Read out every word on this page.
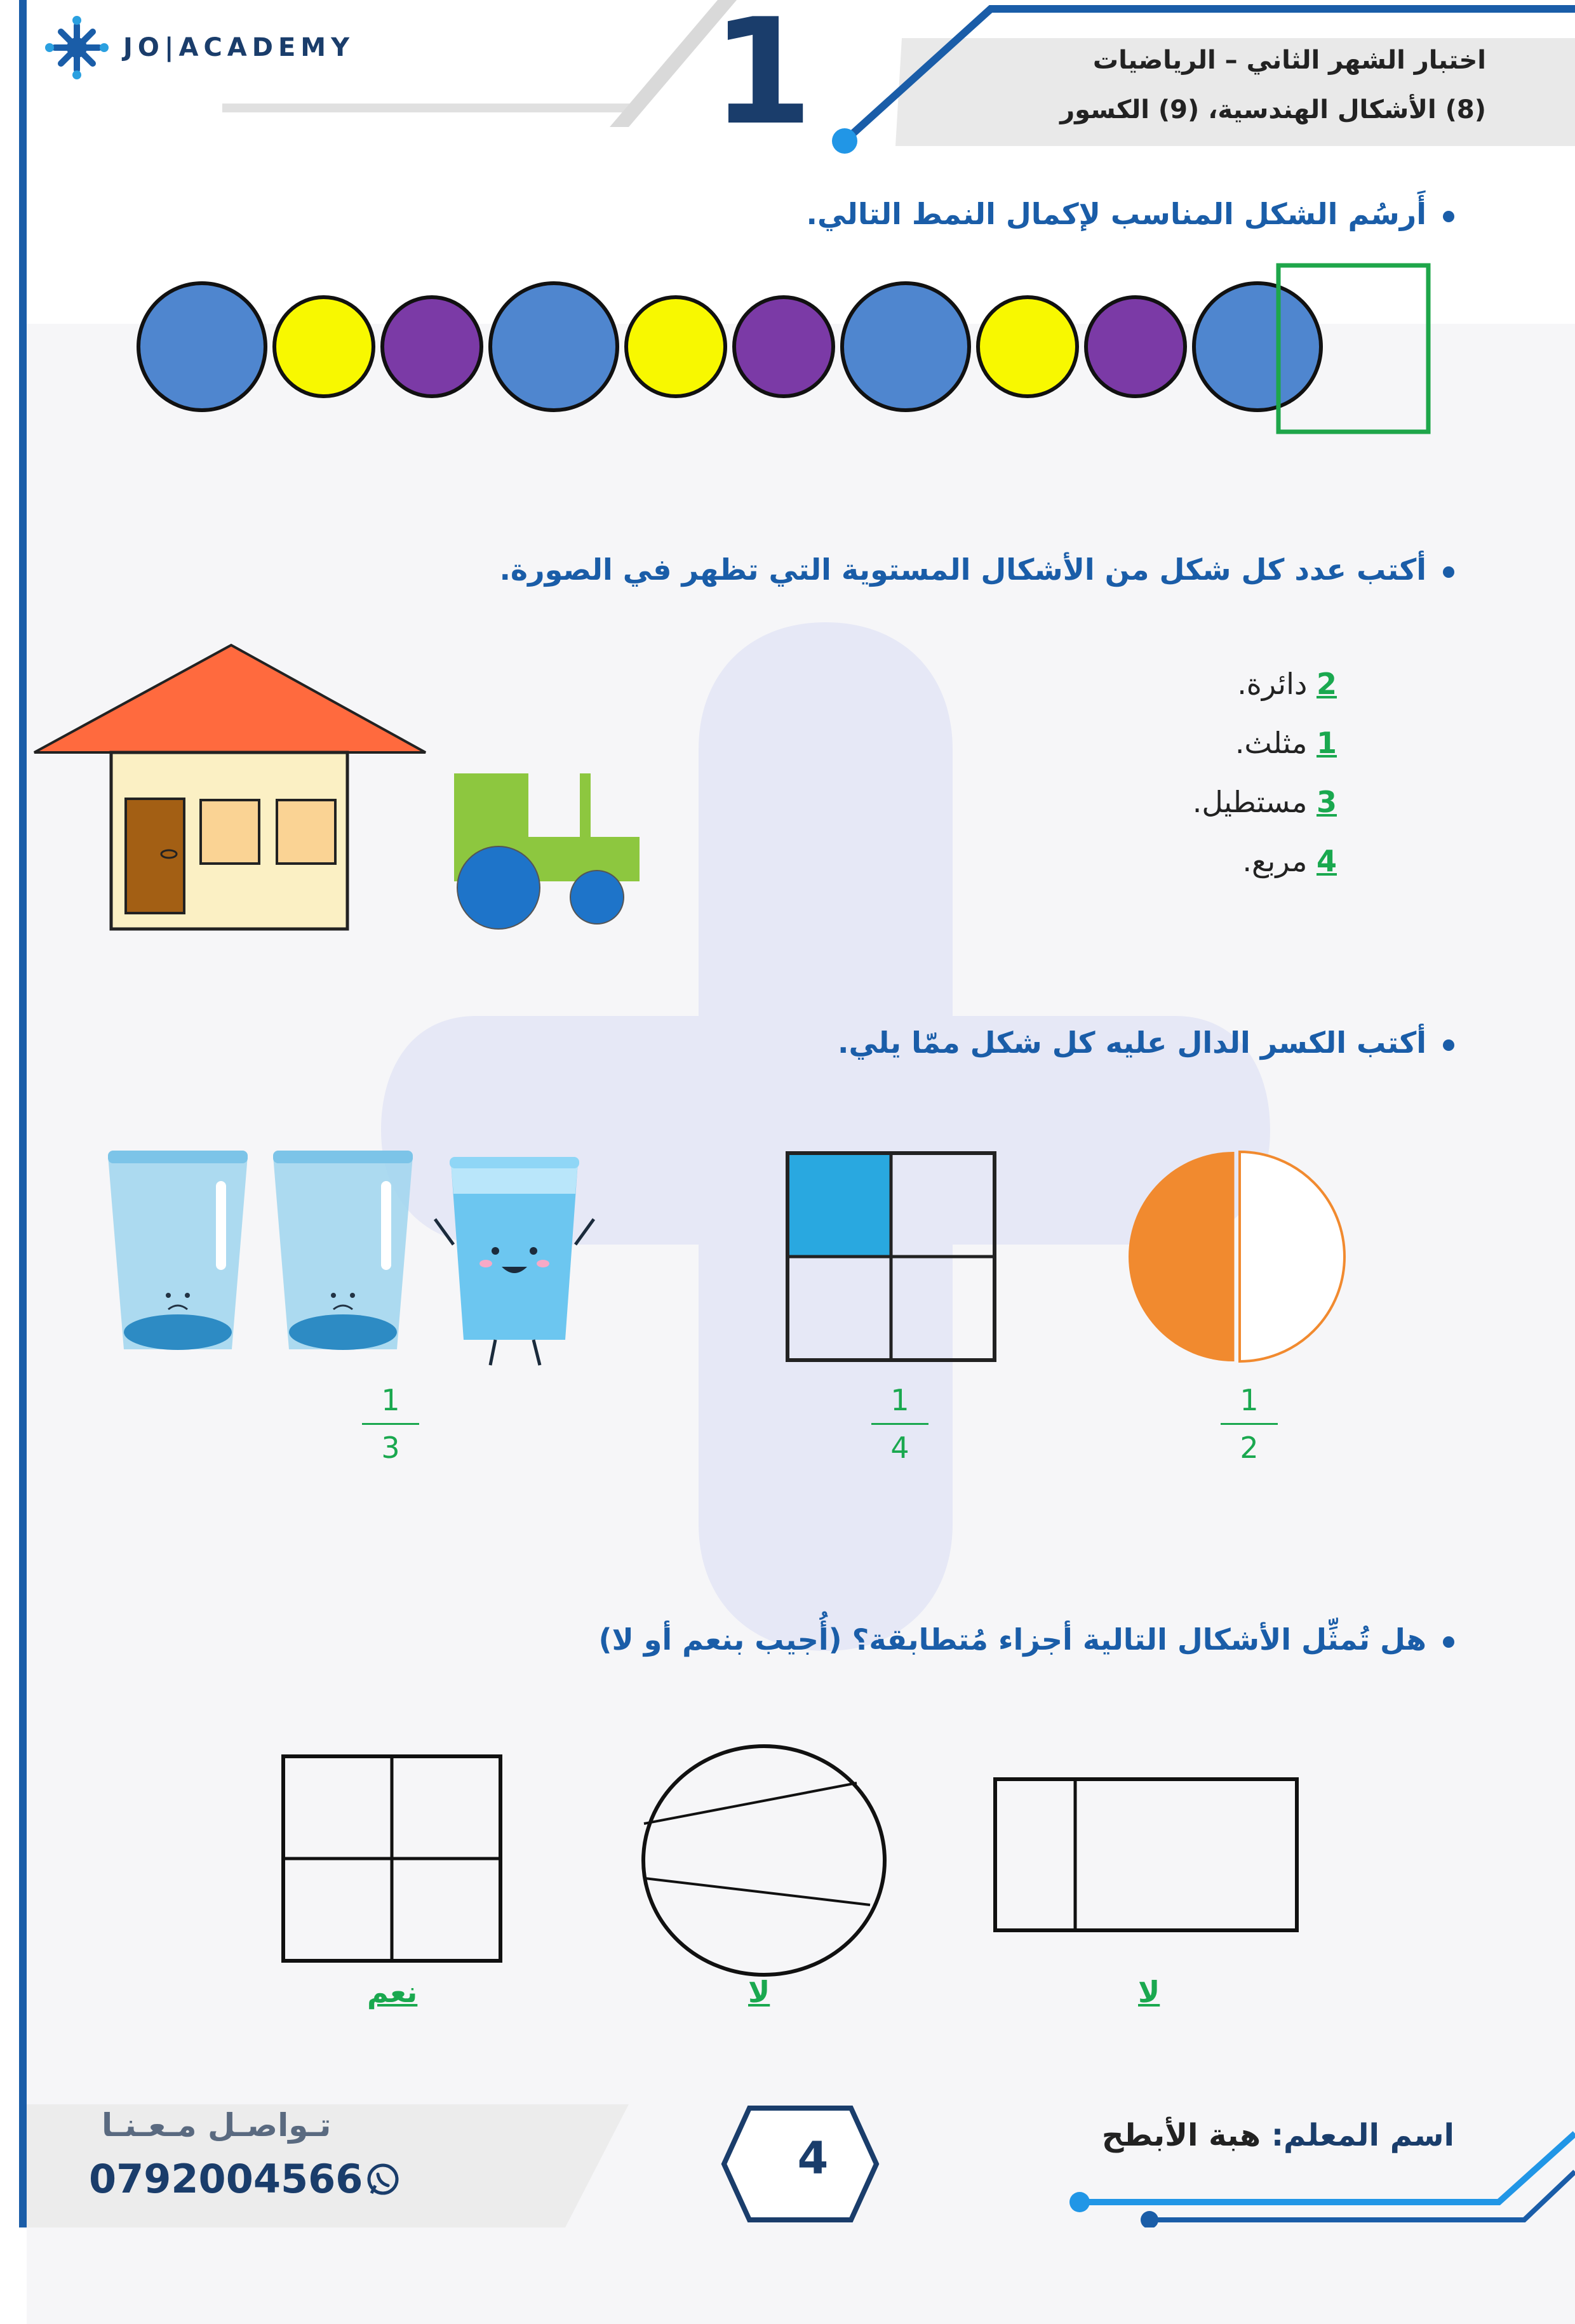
JO|ACADEMY 1	اختبار الشهر الثاني – الرياضيات
(8) الأشكال الهندسية، (9) الكسور
أَرسُم الشكل المناسب لإكمال النمط التالي.
أكتب عدد كل شكل من الأشكال المستوية التي تظهر في الصورة.
2 دائرة.
1 مثلث.
3 مستطيل.
4 مربع.
أكتب الكسر الدال عليه كل شكل ممّا يلي.
1
3
1
4
1
2
هل تُمثِّل الأشكال التالية أجزاء مُتطابقة؟ (أُجيب بنعم أو لا)
نعم	لا	لا
تـواصـل مـعـنـا
0792004566	4	اسم المعلم: هبة الأبطح
